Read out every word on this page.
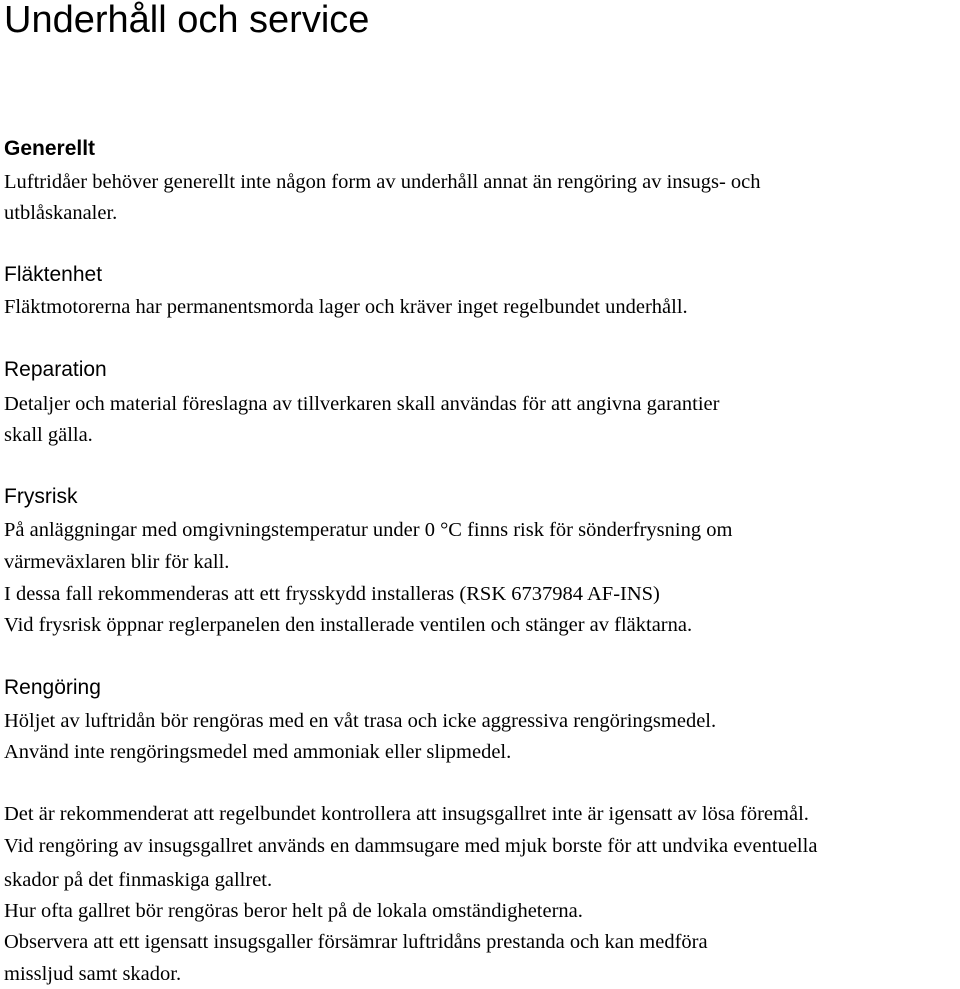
Underhåll och service
Generellt

Luftridåer behöver generellt inte någon form av underhåll annat än rengöring av insugs- och

utblåskanaler.

Fläktenhet

Fläktmotorerna har permanentsmorda lager och kräver inget regelbundet underhåll.

Reparation

Detaljer och material föreslagna av tillverkaren skall användas för att angivna garantier

skall gälla.

Frysrisk

På anläggningar med omgivningstemperatur under 0 °C finns risk för sönderfrysning om

värmeväxlaren blir för kall.

I dessa fall rekommenderas att ett frysskydd installeras (RSK 6737984 AF-INS)

Vid frysrisk öppnar reglerpanelen den installerade ventilen och stänger av fläktarna.

Rengöring

Höljet av luftridån bör rengöras med en våt trasa och icke aggressiva rengöringsmedel.

Använd inte rengöringsmedel med ammoniak eller slipmedel.

Det är rekommenderat att regelbundet kontrollera att insugsgallret inte är igensatt av lösa föremål.

Vid rengöring av insugsgallret används en dammsugare med mjuk borste för att undvika eventuella

skador på det finmaskiga gallret.

Hur ofta gallret bör rengöras beror helt på de lokala omständigheterna.

Observera att ett igensatt insugsgaller försämrar luftridåns prestanda och kan medföra

missljud samt skador.
